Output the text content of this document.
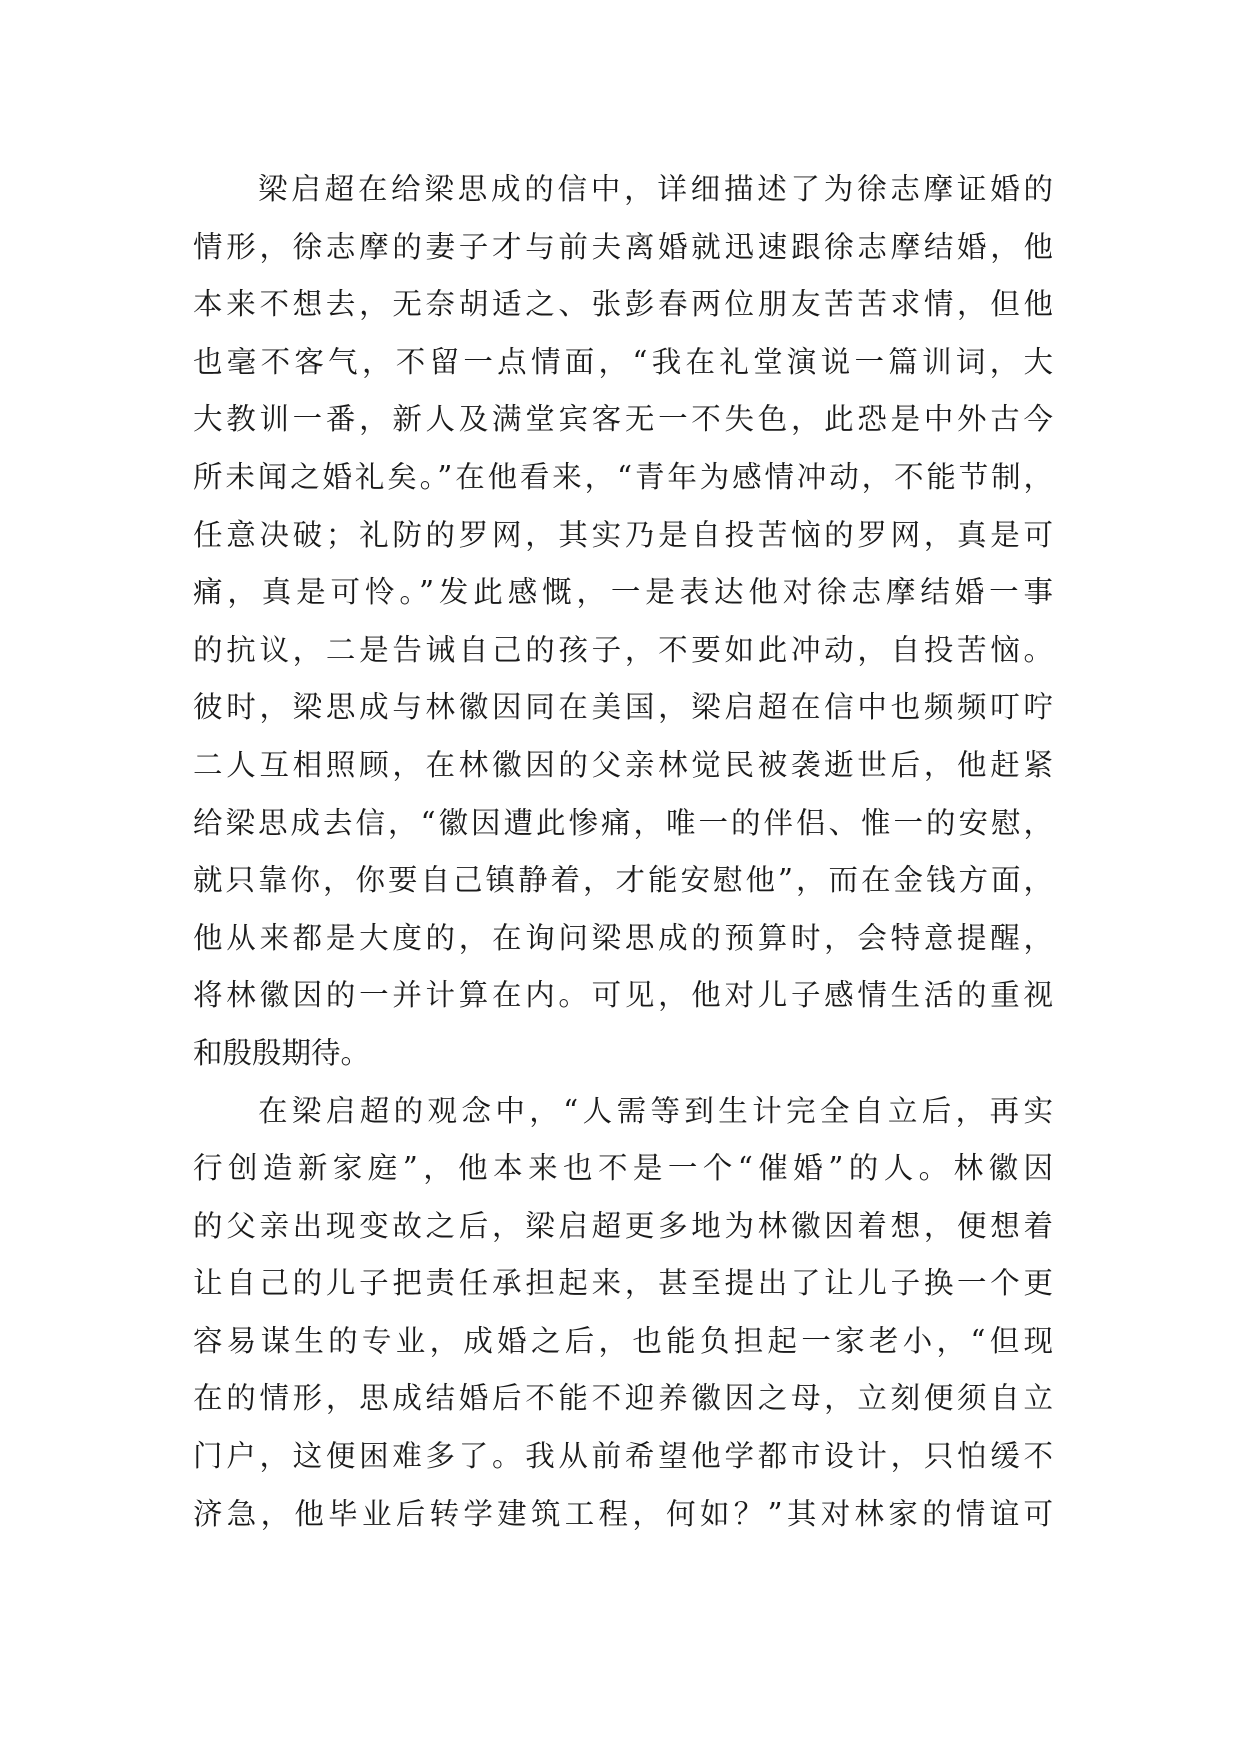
梁启超在给梁思成的信中，详细描述了为徐志摩证婚的
情形，徐志摩的妻子才与前夫离婚就迅速跟徐志摩结婚，他
本来不想去，无奈胡适之、张彭春两位朋友苦苦求情，但他
也毫不客气，不留一点情面，“我在礼堂演说一篇训词，大
大教训一番，新人及满堂宾客无一不失色，此恐是中外古今
所未闻之婚礼矣。”在他看来，“青年为感情冲动，不能节制，
任意决破；礼防的罗网，其实乃是自投苦恼的罗网，真是可
痛，真是可怜。”发此感慨，一是表达他对徐志摩结婚一事
的抗议，二是告诫自己的孩子，不要如此冲动，自投苦恼。
彼时，梁思成与林徽因同在美国，梁启超在信中也频频叮咛
二人互相照顾，在林徽因的父亲林觉民被袭逝世后，他赶紧
给梁思成去信，“徽因遭此惨痛，唯一的伴侣、惟一的安慰，
就只靠你，你要自己镇静着，才能安慰他”，而在金钱方面，
他从来都是大度的，在询问梁思成的预算时，会特意提醒，
将林徽因的一并计算在内。可见，他对儿子感情生活的重视
和殷殷期待。
在梁启超的观念中，“人需等到生计完全自立后，再实
行创造新家庭”，他本来也不是一个“催婚”的人。林徽因
的父亲出现变故之后，梁启超更多地为林徽因着想，便想着
让自己的儿子把责任承担起来，甚至提出了让儿子换一个更
容易谋生的专业，成婚之后，也能负担起一家老小，“但现
在的情形，思成结婚后不能不迎养徽因之母，立刻便须自立
门户，这便困难多了。我从前希望他学都市设计，只怕缓不
济急，他毕业后转学建筑工程，何如？”其对林家的情谊可
